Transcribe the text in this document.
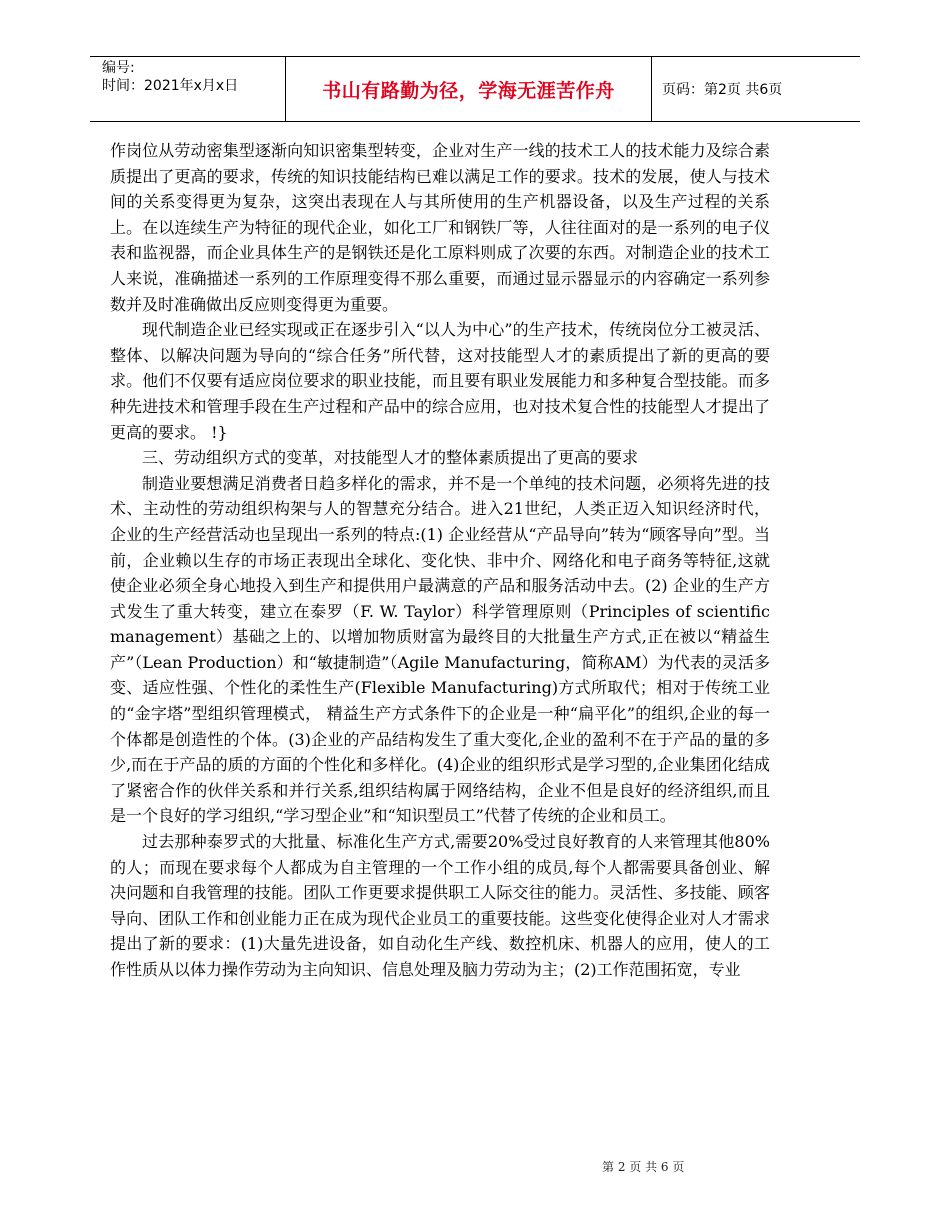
编号:
时间：2021年x月x日	书山有路勤为径，学海无涯苦作舟	页码：第2页 共6页

作岗位从劳动密集型逐渐向知识密集型转变，企业对生产一线的技术工人的技术能力及综合素质提出了更高的要求，传统的知识技能结构已难以满足工作的要求。技术的发展，使人与技术间的关系变得更为复杂，这突出表现在人与其所使用的生产机器设备，以及生产过程的关系上。在以连续生产为特征的现代企业，如化工厂和钢铁厂等，人往往面对的是一系列的电子仪表和监视器，而企业具体生产的是钢铁还是化工原料则成了次要的东西。对制造企业的技术工人来说，准确描述一系列的工作原理变得不那么重要，而通过显示器显示的内容确定一系列参数并及时准确做出反应则变得更为重要。

现代制造企业已经实现或正在逐步引入“以人为中心”的生产技术，传统岗位分工被灵活、整体、以解决问题为导向的“综合任务”所代替，这对技能型人才的素质提出了新的更高的要求。他们不仅要有适应岗位要求的职业技能，而且要有职业发展能力和多种复合型技能。而多种先进技术和管理手段在生产过程和产品中的综合应用，也对技术复合性的技能型人才提出了更高的要求。 !}

三、劳动组织方式的变革，对技能型人才的整体素质提出了更高的要求

制造业要想满足消费者日趋多样化的需求，并不是一个单纯的技术问题，必须将先进的技术、主动性的劳动组织构架与人的智慧充分结合。进入21世纪，人类正迈入知识经济时代，企业的生产经营活动也呈现出一系列的特点:(1) 企业经营从“产品导向”转为“顾客导向”型。当前，企业赖以生存的市场正表现出全球化、变化快、非中介、网络化和电子商务等特征,这就使企业必须全身心地投入到生产和提供用户最满意的产品和服务活动中去。(2) 企业的生产方式发生了重大转变，建立在泰罗（F. W. Taylor）科学管理原则（Principles of scientific management）基础之上的、以增加物质财富为最终目的大批量生产方式,正在被以“精益生产”（Lean Production）和“敏捷制造”（Agile Manufacturing，简称AM）为代表的灵活多变、适应性强、个性化的柔性生产(Flexible Manufacturing)方式所取代；相对于传统工业的“金字塔”型组织管理模式， 精益生产方式条件下的企业是一种“扁平化”的组织,企业的每一个体都是创造性的个体。(3)企业的产品结构发生了重大变化,企业的盈利不在于产品的量的多少,而在于产品的质的方面的个性化和多样化。(4)企业的组织形式是学习型的,企业集团化结成了紧密合作的伙伴关系和并行关系,组织结构属于网络结构，企业不但是良好的经济组织,而且是一个良好的学习组织,“学习型企业”和“知识型员工”代替了传统的企业和员工。

过去那种泰罗式的大批量、标准化生产方式,需要20%受过良好教育的人来管理其他80%的人；而现在要求每个人都成为自主管理的一个工作小组的成员,每个人都需要具备创业、解决问题和自我管理的技能。团队工作更要求提供职工人际交往的能力。灵活性、多技能、顾客导向、团队工作和创业能力正在成为现代企业员工的重要技能。这些变化使得企业对人才需求提出了新的要求：(1)大量先进设备，如自动化生产线、数控机床、机器人的应用，使人的工作性质从以体力操作劳动为主向知识、信息处理及脑力劳动为主；(2)工作范围拓宽，专业

第 2 页 共 6 页
